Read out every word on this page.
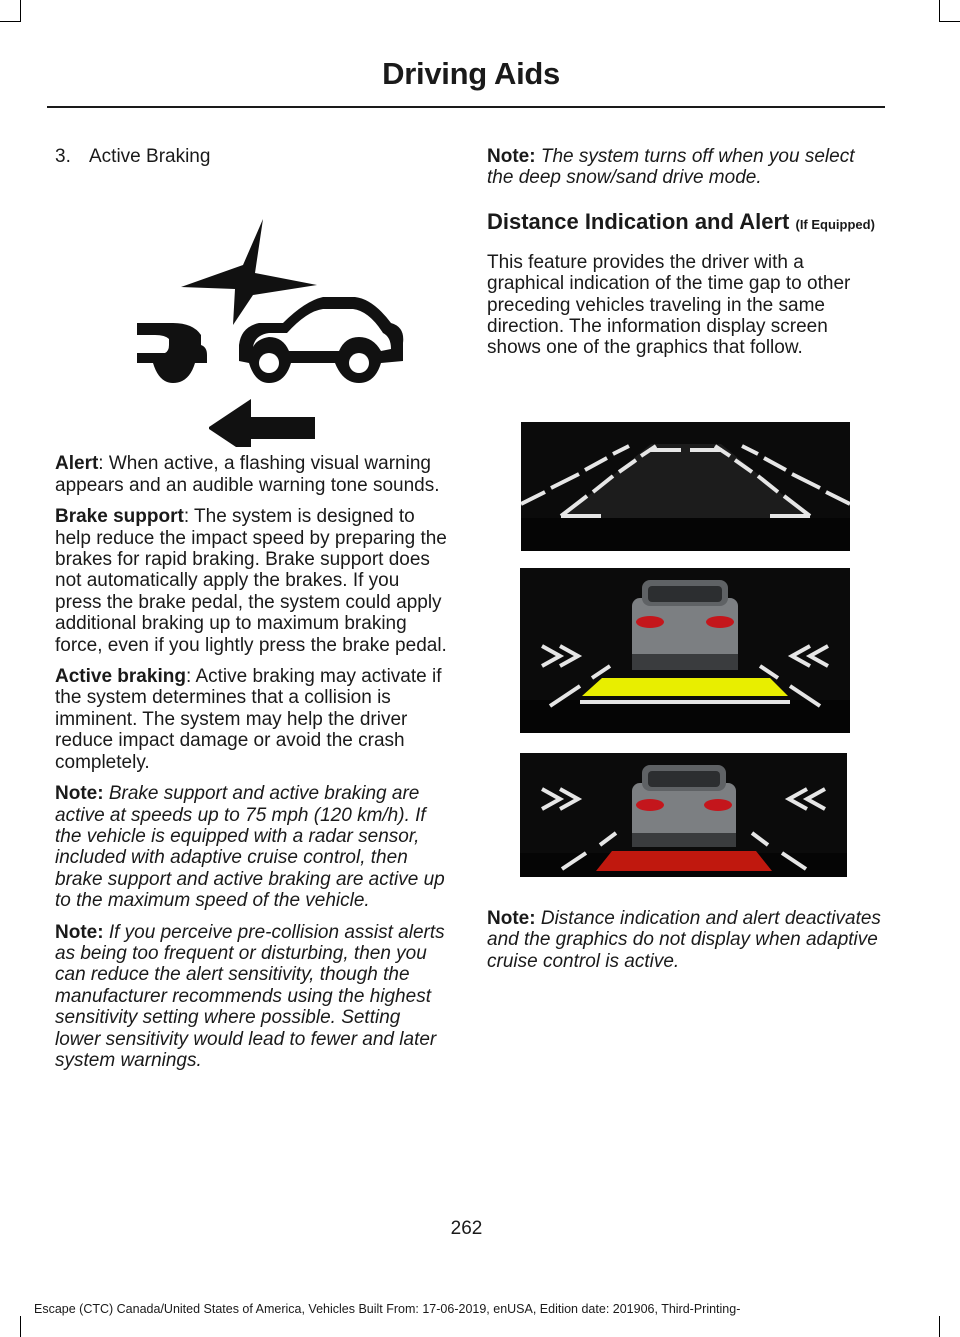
Driving Aids
3. Active Braking

Alert: When active, a flashing visual warning appears and an audible warning tone sounds.

Brake support: The system is designed to help reduce the impact speed by preparing the brakes for rapid braking. Brake support does not automatically apply the brakes. If you press the brake pedal, the system could apply additional braking up to maximum braking force, even if you lightly press the brake pedal.

Active braking: Active braking may activate if the system determines that a collision is imminent. The system may help the driver reduce impact damage or avoid the crash completely.

Note: Brake support and active braking are active at speeds up to 75 mph (120 km/h). If the vehicle is equipped with a radar sensor, included with adaptive cruise control, then brake support and active braking are active up to the maximum speed of the vehicle.

Note: If you perceive pre-collision assist alerts as being too frequent or disturbing, then you can reduce the alert sensitivity, though the manufacturer recommends using the highest sensitivity setting where possible. Setting lower sensitivity would lead to fewer and later system warnings.

Note: The system turns off when you select the deep snow/sand drive mode.

Distance Indication and Alert (If Equipped)

This feature provides the driver with a graphical indication of the time gap to other preceding vehicles traveling in the same direction. The information display screen shows one of the graphics that follow.

Note: Distance indication and alert deactivates and the graphics do not display when adaptive cruise control is active.

262
Escape (CTC) Canada/United States of America, Vehicles Built From: 17-06-2019, enUSA, Edition date: 201906, Third-Printing-
